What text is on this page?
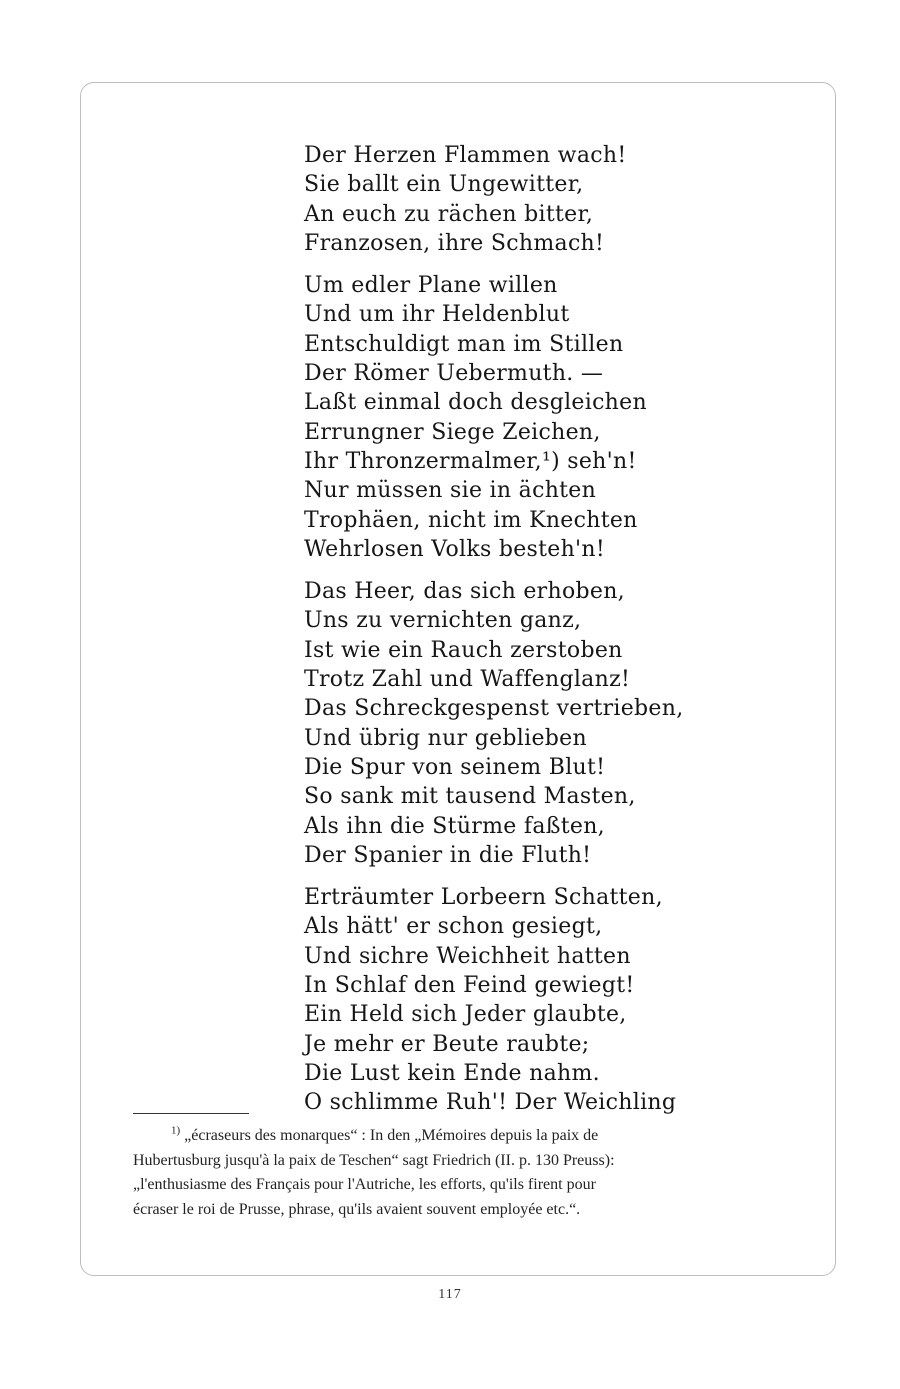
Der Herzen Flammen wach!
Sie ballt ein Ungewitter,
An euch zu rächen bitter,
Franzosen, ihre Schmach!
Um edler Plane willen
Und um ihr Heldenblut
Entschuldigt man im Stillen
Der Römer Uebermuth. —
Laßt einmal doch desgleichen
Errungner Siege Zeichen,
Ihr Thronzermalmer,¹) seh'n!
Nur müssen sie in ächten
Trophäen, nicht im Knechten
Wehrlosen Volks besteh'n!
Das Heer, das sich erhoben,
Uns zu vernichten ganz,
Ist wie ein Rauch zerstoben
Trotz Zahl und Waffenglanz!
Das Schreckgespenst vertrieben,
Und übrig nur geblieben
Die Spur von seinem Blut!
So sank mit tausend Masten,
Als ihn die Stürme faßten,
Der Spanier in die Fluth!
Erträumter Lorbeern Schatten,
Als hätt' er schon gesiegt,
Und sichre Weichheit hatten
In Schlaf den Feind gewiegt!
Ein Held sich Jeder glaubte,
Je mehr er Beute raubte;
Die Lust kein Ende nahm.
O schlimme Ruh'! Der Weichling
$^{1)}$ „écraseurs des monarques“ : In den „Mémoires depuis la paix de
Hubertusburg jusqu'à la paix de Teschen“ sagt Friedrich (II. p. 130 Preuss):
„l'enthusiasme des Français pour l'Autriche, les efforts, qu'ils firent pour
écraser le roi de Prusse, phrase, qu'ils avaient souvent employée etc.“.
117
